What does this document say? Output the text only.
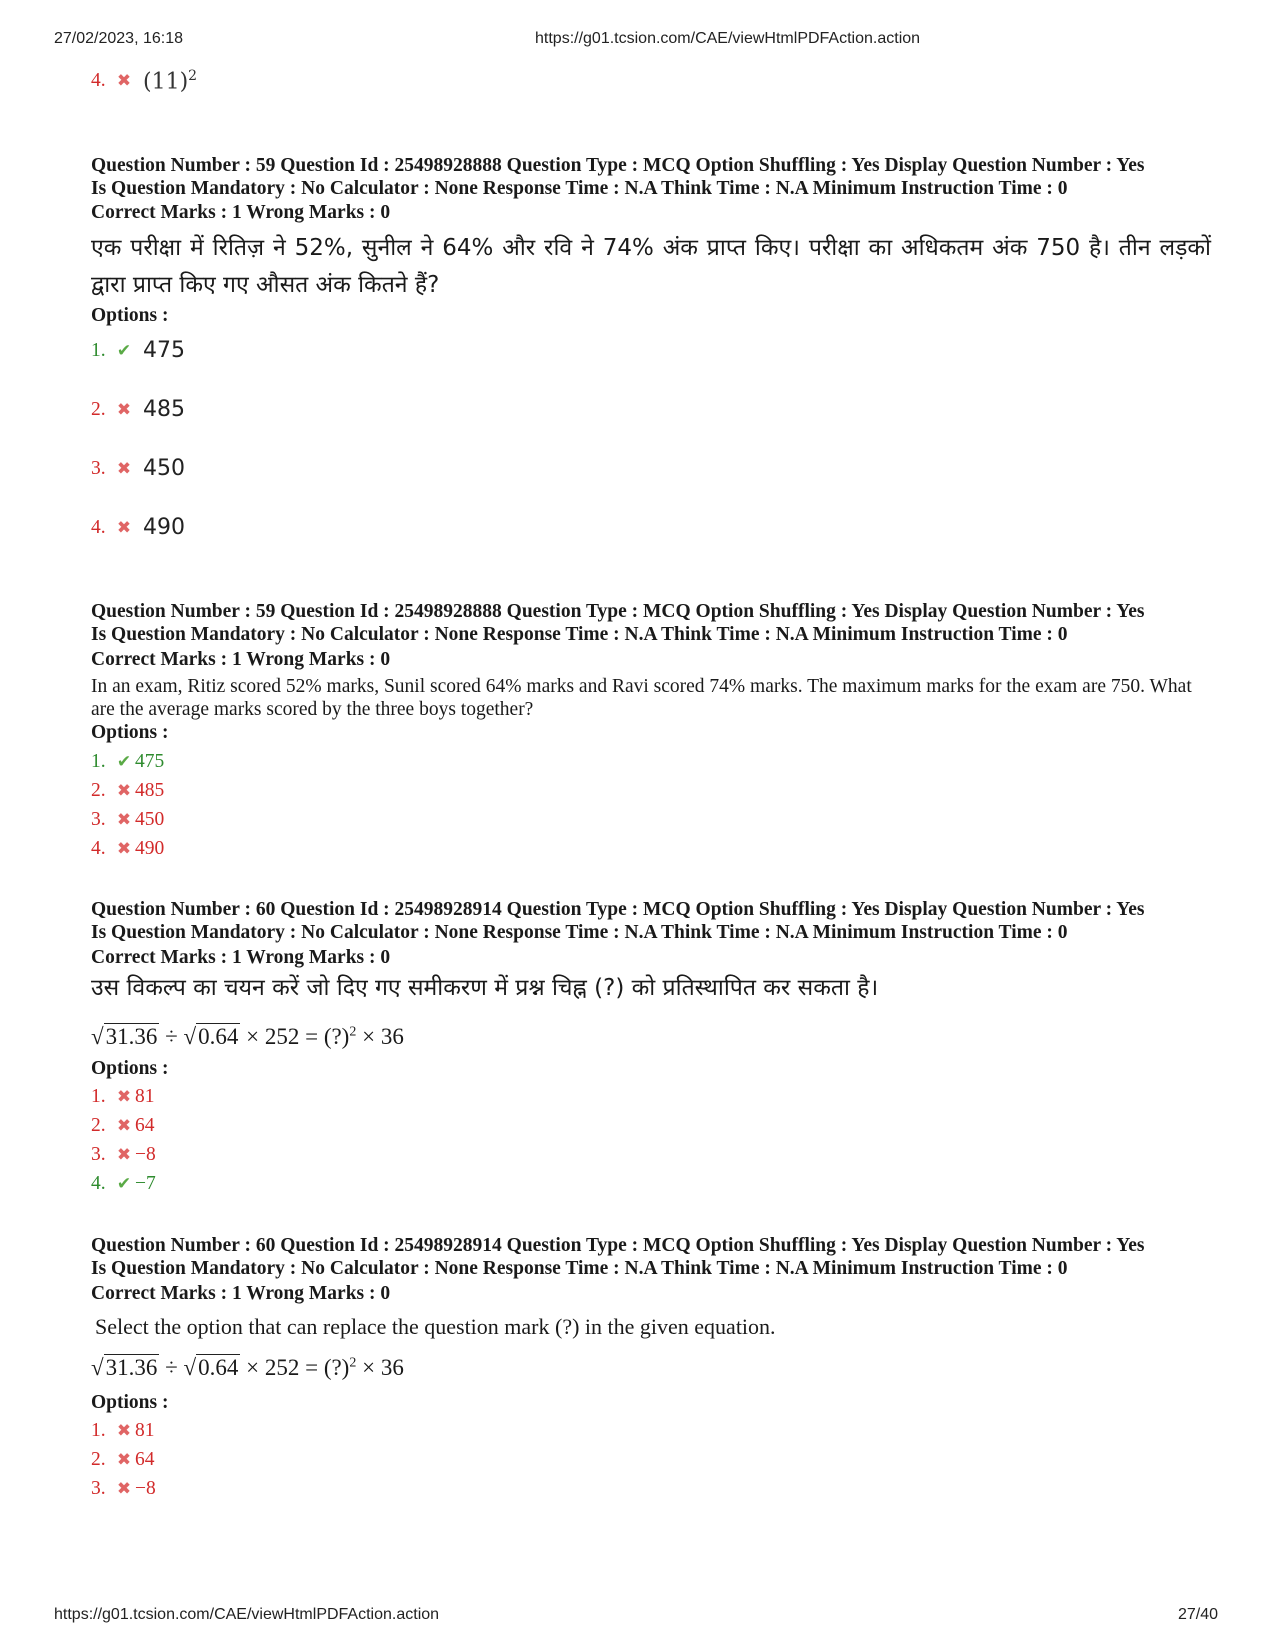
27/02/2023, 16:18	https://g01.tcsion.com/CAE/viewHtmlPDFAction.action
https://g01.tcsion.com/CAE/viewHtmlPDFAction.action	27/40
4. ✖ $(11)^2$
Question Number : 59 Question Id : 25498928888 Question Type : MCQ Option Shuffling : Yes Display Question Number : Yes
Is Question Mandatory : No Calculator : None Response Time : N.A Think Time : N.A Minimum Instruction Time : 0
Correct Marks : 1 Wrong Marks : 0
एक परीक्षा में रितिज़ ने 52%, सुनील ने 64% और रवि ने 74% अंक प्राप्त किए। परीक्षा का अधिकतम अंक 750 है। तीन लड़कों द्वारा प्राप्त किए गए औसत अंक कितने हैं?
Options :
1. ✔ 475
2. ✖ 485
3. ✖ 450
4. ✖ 490
Question Number : 59 Question Id : 25498928888 Question Type : MCQ Option Shuffling : Yes Display Question Number : Yes
Is Question Mandatory : No Calculator : None Response Time : N.A Think Time : N.A Minimum Instruction Time : 0
Correct Marks : 1 Wrong Marks : 0
In an exam, Ritiz scored 52% marks, Sunil scored 64% marks and Ravi scored 74% marks. The maximum marks for the exam are 750. What are the average marks scored by the three boys together?
Options :
1. ✔ 475
2. ✖ 485
3. ✖ 450
4. ✖ 490
Question Number : 60 Question Id : 25498928914 Question Type : MCQ Option Shuffling : Yes Display Question Number : Yes
Is Question Mandatory : No Calculator : None Response Time : N.A Think Time : N.A Minimum Instruction Time : 0
Correct Marks : 1 Wrong Marks : 0
उस विकल्प का चयन करें जो दिए गए समीकरण में प्रश्न चिह्न (?) को प्रतिस्थापित कर सकता है।
√31.36 ÷ √0.64 × 252 = (?)$^2$ × 36
Options :
1. ✖ 81
2. ✖ 64
3. ✖ −8
4. ✔ −7
Question Number : 60 Question Id : 25498928914 Question Type : MCQ Option Shuffling : Yes Display Question Number : Yes
Is Question Mandatory : No Calculator : None Response Time : N.A Think Time : N.A Minimum Instruction Time : 0
Correct Marks : 1 Wrong Marks : 0
Select the option that can replace the question mark (?) in the given equation.
√31.36 ÷ √0.64 × 252 = (?)$^2$ × 36
Options :
1. ✖ 81
2. ✖ 64
3. ✖ −8
